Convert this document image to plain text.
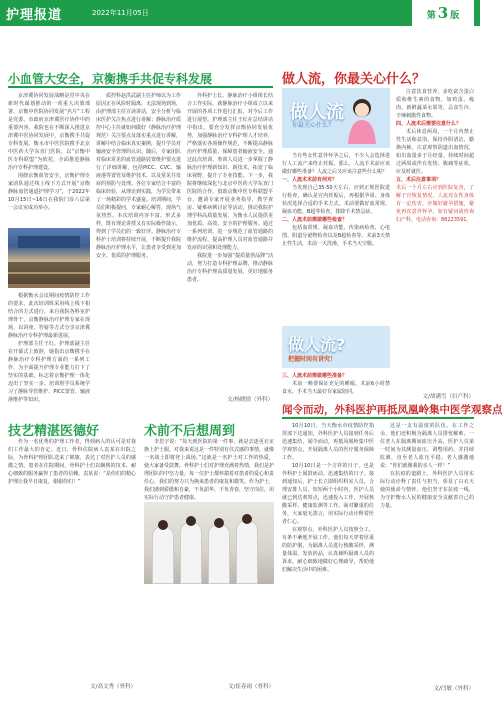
护理报道	2022年11月05日	第 3 版
小血管大安全，京衡携手共促专科发展

京津冀协同发展战略是党中央在新时代谋划推动的一项重大决策部署。京衡中医院协同发展“名片”工程是党委、市政府京津冀医疗协作中的重要内容。我院也在不断深入推进京津冀中医协同发展中，京衡携手共促专科发展。衡水市中医医院携手北京中医药大学东直门医院，以“京衡中医专科联盟”为依托，全面推进静脉治疗专科护理建设。

围绕京衡血管安全，京衡护理专家团队通过线上线下方式开展“京衡静脉血管通道护理学习”，于2022年10月15日~16日在我院门诊六层第一会议室成功举办。

根据衡水会议期间疫情防控工作的要求，此次培训班采用线上线下相结合的方式进行。来自我院各科室护理骨干，京衡静脉治疗护理专家在现场，以讲座、答疑等方式分享京津冀静脉治疗专科护理最新进展。

护理部主任王红、护理部副主任在开幕式上致辞，她指出京衡携手在静脉治疗专科护理方面的一系列工作，为全面提升护理专业能力打下了坚实的基础，标志着京衡护理一体化迈出了坚实一步。培训班学员系统学习了静脉导管维护、PICC置管、输液港维护等知识。

质控科赵洪武副主任护师以为工作原因正在风险时隔离，无法现场到场，由护理部主任宣读讲话，安全分析与临床医护关注焦点进行讲解；静脉治疗质控中心主任就如何做好《静脉治疗护理规范》关注要点及落实重点进行讲解，讲解中结合临床真实案例，提升学员对输液安全管理的认识。随后，专家团队对临床常见的血管通路装置维护要点进行了详细讲解，包括PICC、CVC、输液港等置管及维护技术，以及常见并发症的预防与处理。各位专家结合丰富的临床经验，从理论到实践，为学员带来了一场精彩的学术盛宴。培训期间，学员们积极提问，专家耐心解答，现场气氛热烈。本次培训内容丰富、形式多样，既有理论讲授又有实际操作演示，得到了学员们的一致好评。静脉治疗专科护士培训将持续开展，不断提升我院静脉治疗护理水平，让患者享受到更加安全、优质的护理服务。

外科护士长、静脉治疗小组组长结合工作实际，就静脉治疗小组成立以来开展的各项工作进行汇报，对今后工作进行展望。护理部主任王红在总结讲话中指出，要充分发挥京衡协同发展优势，加强静脉治疗专科护理人才培养，严格落实各项操作规范，不断提高静脉治疗护理质量，保障患者输液安全。通过此次培训，参训人员进一步掌握了静脉治疗护理新知识、新技术，拓宽了临床视野，提升了专业技能。下一步，我院将继续深化与北京中医药大学东直门医院的合作，借助京衡中医专科联盟平台，邀请专家开展业务指导、教学查房、疑难病例讨论等活动，推动我院护理学科高质量发展，为衡水人民提供更加优质、高效、安全的护理服务。通过一系列培训，进一步规范了血管通路的维护流程，提高护理人员对血管通路并发症的识别和处理能力。

我院进一步加强“提质量创品牌”活动，努力打造专科护理品牌，推动静脉治疗专科护理高质量发展，更好地服务患者。

文/杨晓情（外科）
技艺精湛医德好

作为一名优秀的护理工作者，得到病人的认可是对我们工作最大的肯定。近日，骨科住院病人袁某在出院之际，为骨科护理团队送来了锦旗，表达了对医护人员的感激之情。患者在住院期间，骨科护士们以娴熟的技术、耐心细致的服务赢得了患者的信赖。袁某说：“是你们的精心护理让我早日康复，谢谢你们！”

文/高文秀（骨科）
术前不后想周到

李思宇说：“每天到医院的第一件事，就是去逐更衣室换上护士服，对我来说这是一件特别有仪式感的事情，就像一名战士即将登上战场。”这就是一名护士对工作的热爱，使大家备受鼓舞。骨科护士们对护理充满着热情，我们是护理团队的中坚力量，每一位护士都怀揣着对患者的爱心和责任心，我们的努力只为换来患者的康复和微笑。作为护士，我们感到骄傲和自豪，不负韶华，不负青春，坚守岗位，用实际行动守护患者健康。

文/崔春雨（骨科）
做人流，你最关心什么？
做人流
你最关心什么？

当有些女性意外怀孕之后，不少人会选择进行人工流产来终止妊娠。那么，人流手术前应该做好哪些准备？人流之后又应该注意些什么呢？

一、人流术术前有何对？

当发现自己35-50天左右，应到正规医院进行检查，确认是宫内妊娠后，再根据孕周、身体状况选择合适的手术方式。术前要做好血常规、凝血功能、B超等检查，排除手术禁忌症。

二、人流术前需做哪些检查？

包括血常规、凝血功能、传染病检查、心电图、阴道分泌物检查以及B超检查等。术前3天禁止性生活，术前一天洗澡，手术当天空腹。

做人流?
把握时间有讲究！

三、人流术前需做哪些准备？

术前一晚要保证充足的睡眠，术前6小时禁食水，手术当天最好有家属陪同。

注意饮食营养，多吃富含蛋白质和维生素的食物，如鸡蛋、瘦肉、新鲜蔬菜水果等，忌食生冷、辛辣刺激性食物。

四、人流术后需要注意什么？

术后休息两周，一个月内禁止性生活和盆浴，保持外阴清洁，勤换内裤。注意观察阴道出血情况，如出血量多于月经量、持续时间超过两周或伴有发热、腹痛等症状，应及时就医。

五、术后注意事项？

术后一个月左右应到医院复查，了解子宫恢复情况。人流对女性身体有一定伤害，应做好避孕措施，避免再次意外怀孕。如有疑问请咨询妇产科，电话咨询：88223591。

文/胡满雪（妇产科）
闻令而动，外科医护再抵凤凰岭集中医学观察点

10月10日，当天衡水市疫情防控指挥部下达通知，外科医护人员接到任务后迅速集结，闻令而动，再抵凤凰岭集中医学观察点，开展隔离人员的医疗服务保障工作。

10月10日是一个吉祥的日子，也是外科护士闻鼓而动、迅速集结的日子。接到通知后，护士长立即组织科室人员，合理安排人员，短短两个小时内，医护人员就已到达观察点，迅速投入工作，开展核酸采样、健康监测等工作。面对繁重的任务，大家毫无怨言，用实际行动诠释着医者仁心。

在观察点，外科医护人员按照分工，有条不紊地开展工作。他们每天穿着厚重的防护服，为隔离人员进行核酸采样、测量体温、发放药品，认真倾听隔离人员的诉求，耐心细致地做好心理疏导，帮助他们解决生活中的困难。

这是一支有温度的队伍。在工作之余，他们还积极为隔离人员排忧解难。一位老人在隔离期间血压升高，医护人员第一时间为其测量血压、调整用药，并持续监测，直至老人血压平稳。老人感激地说：“你们就像我的亲人一样！”

在抗疫的道路上，外科医护人员用实际行动诠释了责任与担当，彰显了白衣天使的使命与情怀。他们坚守在抗疫一线，为守护衡水人民的健康安全贡献着自己的力量。

文/闫敏（外科）
